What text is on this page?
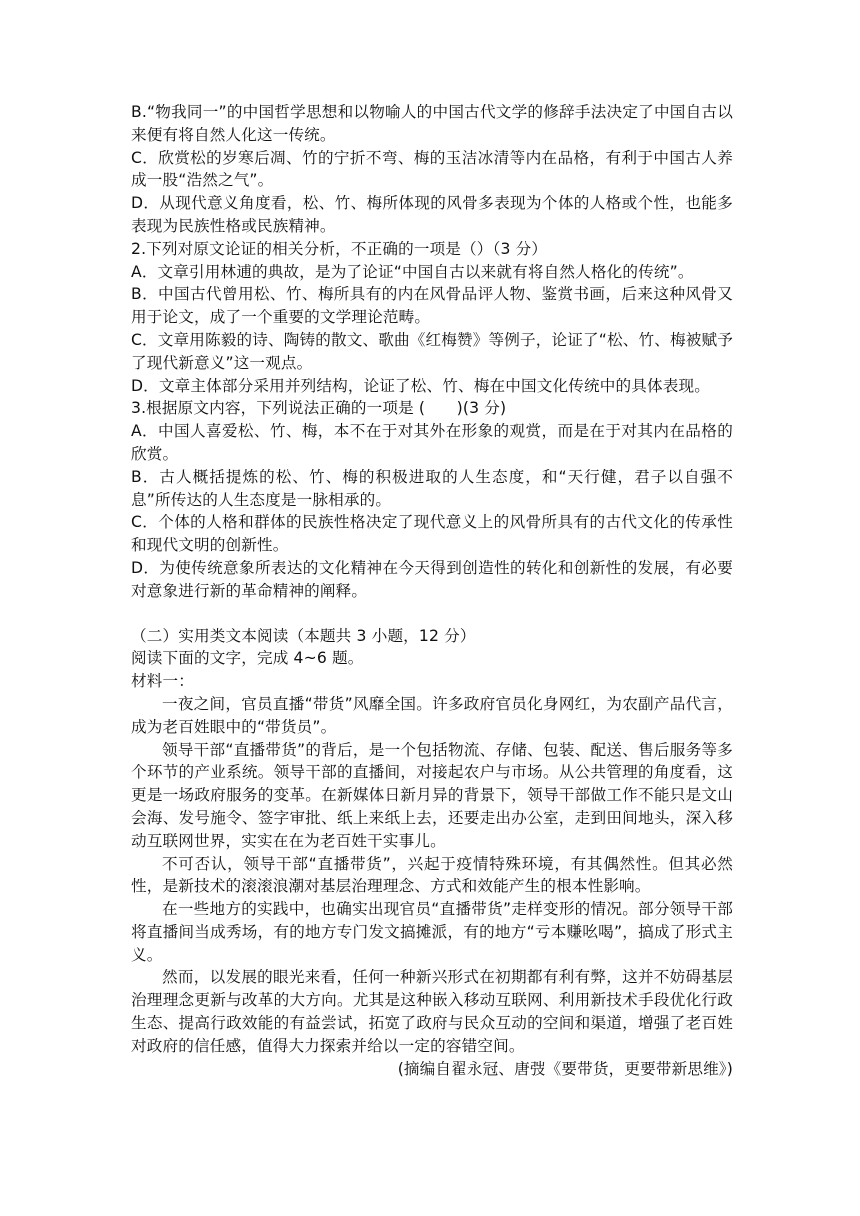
B.“物我同一”的中国哲学思想和以物喻人的中国古代文学的修辞手法决定了中国自古以来便有将自然人化这一传统。

C．欣赏松的岁寒后凋、竹的宁折不弯、梅的玉洁冰清等内在品格，有利于中国古人养成一股“浩然之气”。

D．从现代意义角度看，松、竹、梅所体现的风骨多表现为个体的人格或个性，也能多表现为民族性格或民族精神。

2.下列对原文论证的相关分析，不正确的一项是（）（3 分）

A．文章引用林逋的典故，是为了论证“中国自古以来就有将自然人格化的传统”。

B．中国古代曾用松、竹、梅所具有的内在风骨品评人物、鉴赏书画，后来这种风骨又用于论文，成了一个重要的文学理论范畴。

C．文章用陈毅的诗、陶铸的散文、歌曲《红梅赞》等例子，论证了“松、竹、梅被赋予了现代新意义”这一观点。

D．文章主体部分采用并列结构，论证了松、竹、梅在中国文化传统中的具体表现。

3.根据原文内容，下列说法正确的一项是 (　　)(3 分)

A．中国人喜爱松、竹、梅，本不在于对其外在形象的观赏，而是在于对其内在品格的欣赏。

B．古人概括提炼的松、竹、梅的积极进取的人生态度，和“天行健，君子以自强不息”所传达的人生态度是一脉相承的。

C．个体的人格和群体的民族性格决定了现代意义上的风骨所具有的古代文化的传承性和现代文明的创新性。

D．为使传统意象所表达的文化精神在今天得到创造性的转化和创新性的发展，有必要对意象进行新的革命精神的阐释。

（二）实用类文本阅读（本题共 3 小题，12 分）

阅读下面的文字，完成 4~6 题。

材料一：

一夜之间，官员直播“带货”风靡全国。许多政府官员化身网红，为农副产品代言，成为老百姓眼中的“带货员”。

领导干部“直播带货”的背后，是一个包括物流、存储、包装、配送、售后服务等多个环节的产业系统。领导干部的直播间，对接起农户与市场。从公共管理的角度看，这更是一场政府服务的变革。在新媒体日新月异的背景下，领导干部做工作不能只是文山会海、发号施令、签字审批、纸上来纸上去，还要走出办公室，走到田间地头，深入移动互联网世界，实实在在为老百姓干实事儿。

不可否认，领导干部“直播带货”，兴起于疫情特殊环境，有其偶然性。但其必然性，是新技术的滚滚浪潮对基层治理理念、方式和效能产生的根本性影响。

在一些地方的实践中，也确实出现官员“直播带货”走样变形的情况。部分领导干部将直播间当成秀场，有的地方专门发文搞摊派，有的地方“亏本赚吆喝”，搞成了形式主义。

然而，以发展的眼光来看，任何一种新兴形式在初期都有利有弊，这并不妨碍基层治理理念更新与改革的大方向。尤其是这种嵌入移动互联网、利用新技术手段优化行政生态、提高行政效能的有益尝试，拓宽了政府与民众互动的空间和渠道，增强了老百姓对政府的信任感，值得大力探索并给以一定的容错空间。

(摘编自翟永冠、唐弢《要带货，更要带新思维》)
